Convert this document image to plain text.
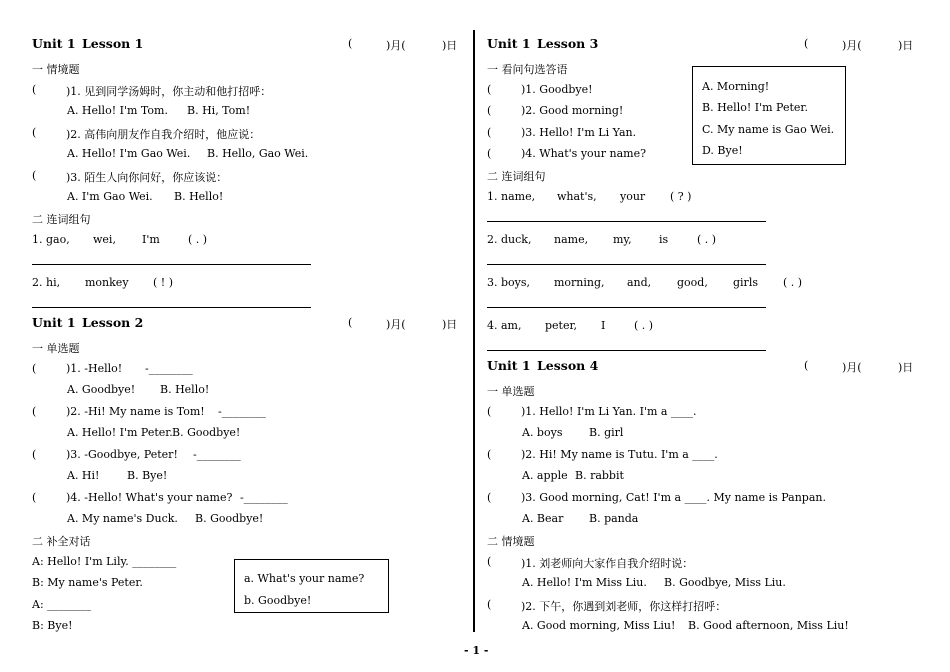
Unit 1 Lesson 1	(	)月(	)日
一 情境题
(	)1. 见到同学汤姆时，你主动和他打招呼：
A. Hello! I'm Tom. B. Hi, Tom!
(	)2. 高伟向朋友作自我介绍时，他应说：
A. Hello! I'm Gao Wei. B. Hello, Gao Wei.
(	)3. 陌生人向你问好，你应该说：
A. I'm Gao Wei. B. Hello!
二 连词组句
1. gao, wei, I'm	( . )
2. hi, monkey ( ! )
Unit 1 Lesson 2	(	)月(	)日
一 单选题
(	)1. -Hello! -________
A. Goodbye! B. Hello!
(	)2. -Hi! My name is Tom! -________
A. Hello! I'm Peter. B. Goodbye!
(	)3. -Goodbye, Peter! -________
A. Hi!	B. Bye!
(	)4. -Hello! What's your name? -________
A. My name's Duck. B. Goodbye!
二 补全对话
A: Hello! I'm Lily. ________
B: My name's Peter.
A: ________
B: Bye!
a. What's your name?
b. Goodbye!
Unit 1 Lesson 3	(	)月(	)日
一 看问句选答语
(	)1. Goodbye!
(	)2. Good morning!
(	)3. Hello! I'm Li Yan.
(	)4. What's your name?
A. Morning!
B. Hello! I'm Peter.
C. My name is Gao Wei.
D. Bye!
二 连词组句
1. name, what's, your ( ? )
2. duck, name, my, is	( . )
3. boys, morning, and, good, girls ( . )
4. am, peter, I	( . )
Unit 1 Lesson 4	(	)月(	)日
一 单选题
(	)1. Hello! I'm Li Yan. I'm a ____.
A. boys B. girl
(	)2. Hi! My name is Tutu. I'm a ____.
A. apple B. rabbit
(	)3. Good morning, Cat! I'm a ____. My name is Panpan.
A. Bear B. panda
二 情境题
(	)1. 刘老师向大家作自我介绍时说：
A. Hello! I'm Miss Liu. B. Goodbye, Miss Liu.
(	)2. 下午，你遇到刘老师，你这样打招呼：
A. Good morning, Miss Liu! B. Good afternoon, Miss Liu!
- 1 -
